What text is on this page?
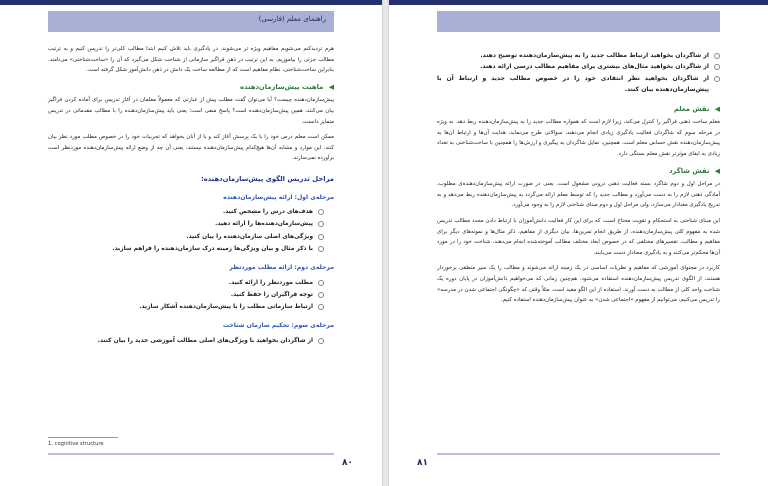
راهنمای معلم (فارسی)

هرم تردیدکنم می‌شویم مفاهیم ویژه تر می‌شوند. در یادگیری باید تلاش کنیم ابتدا مطالب کلی‌تر را تدریس کنیم و به ترتیب مطالب جزئی را بیاموزیم. به این ترتیب در ذهن فراگیر سازمانی از شناخت شکل می‌گیرد که آن را «ساخت‌شناختی» می‌نامند. بنابراین ساخت‌شناختی، نظام مفاهیم است که از مطالعه ساخت یک دانش در ذهن دانش‌آموز شکل گرفته است.

◀ ماهیت پیش‌سازمان‌دهنده

پیش‌سازمان‌دهنده چیست؟ آیا می‌توان گفت مطلب پیش از عبارتی که معمولاً معلمان در آغاز تدریس برای آماده کردن فراگیر بیان می‌کنند، همین پیش‌سازمان‌دهنده است؟ پاسخ منفی است؛ یعنی باید پیش‌سازمان‌دهنده را با مطالب مقدماتی در تدریس متمایز دانست.

ممکن است معلم درس خود را با یک پرسش آغاز کند و یا از آنان بخواهد که تجربیات خود را در خصوص مطلب مورد نظر بیان کنند. این موارد و مشابه آن‌ها هیچ‌کدام پیش‌سازمان‌دهنده نیستند، یعنی آن چه از وضع ارائه پیش‌سازمان‌دهنده موردنظر است برآورده نمی‌سازند.

مراحل تدریس الگوی پیش‌سازمان‌دهنده:
مرحله‌ی اول: ارائه پیش‌سازمان‌دهنده
هدف‌های درس را مشخص کنید.
پیش‌سازمان‌دهنده‌ها را ارائه دهید.
ویژگی‌های اصلی سازمان‌دهنده را بیان کنید.
با ذکر مثال و بیان ویژگی‌ها زمینه درک سازمان‌دهنده را فراهم سازید.
مرحله‌ی دوم: ارائه مطلب موردنظر
مطلب موردنظر را ارائه کنید.
توجه فراگیران را حفظ کنید.
ارتباط سازمانی مطلب را با پیش‌سازمان‌دهنده آشکار سازید.
مرحله‌ی سوم: تحکیم سازمان شناخت
از شاگردان بخواهید با ویژگی‌های اصلی مطالب آموزشی جدید را بیان کنند.
1. cognitive structure
۸۰
از شاگردان بخواهید ارتباط مطالب جدید را به پیش‌سازمان‌دهنده توضیح دهند.
از شاگردان بخواهید مثال‌های بیشتری برای مفاهیم مطالب درسی ارائه دهند.
از شاگردان بخواهید نظر انتقادی خود را در خصوص مطالب جدید و ارتباط آن با پیش‌سازمان‌دهنده بیان کنند.
◀ نقش معلم

معلم ساخت ذهنی فراگیر را کنترل می‌کند، زیرا لازم است که همواره مطالب جدید را به پیش‌سازمان‌دهنده ربط دهد. به ویژه در مرحله سوم که شاگردان فعالیت یادگیری زیادی انجام می‌دهند، سوالاتی طرح می‌نماید، هدایت آن‌ها و ارتباط آن‌ها به پیش‌سازمان‌دهنده نقش حساس معلم است. همچنین، تمایل شاگردان به پیگیری و ارزش‌ها را همچنین با ساخت‌شناختی به تعداد زیادی به ایفای موثرتر نقش معلم بستگی دارد.

◀ نقش شاگرد

در مراحل اول و دوم شاگرد بسته فعالیت ذهنی درونی مشغول است. یعنی در صورت ارائه پیش‌سازمان‌دهنده‌ی مطلوب، آمادگی ذهنی لازم را به دست می‌آورد و مطالب جدید را که توسط معلم ارائه می‌گردد به پیش‌سازمان‌دهنده ربط می‌دهد و به تدریج یادگیری معنادار می‌سازد، ولی مراحل اول و دوم مبنای شناختی لازم را به وجود می‌آورد.

این مبنای شناختی به استحکام و تقویت محتاج است، که برای این کار فعالیت دانش‌آموزان با ارتباط دادن مجدد مطالب تدریس شده به مفهوم کلی پیش‌سازمان‌دهنده، از طریق انجام تمرین‌ها، بیان دیگری از مفاهیم، ذکر مثال‌ها و نمونه‌های دیگر برای مفاهیم و مطالب، تفسیرهای مختلفی که در خصوص ابعاد مختلف مطالب آموخته‌شده انجام می‌دهند، شناخت خود را در مورد آن‌ها محکم‌تر می‌کنند و به یادگیری معنادار دست می‌یابند.

کاربرد در مجتوای آموزشی که مفاهیم و نظریات اساسی در یک زمینه ارائه می‌شوند و مطالب را یک سیر منطقی برخوردار هستند، از الگوی تدریس پیش‌سازمان‌دهنده استفاده می‌شود. هم‌چنین زمانی که می‌خواهیم دانش‌آموزان در پایان دوره یک شناخت واحد کلی از مطالب به دست آورند. استفاده از این الگو مفید است. مثلاً وقتی که «چگونگی اجتماعی شدن در مدرسه» را تدریس می‌کنیم، می‌توانیم از مفهوم «اجتماعی شدن» به عنوان پیش‌سازمان‌دهنده استفاده کنیم.

۸۱
